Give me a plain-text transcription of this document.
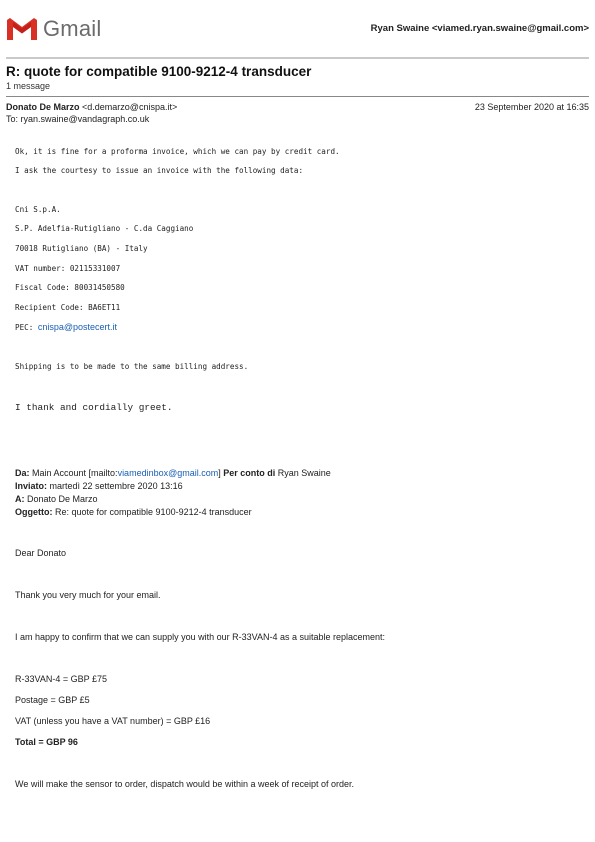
Gmail	Ryan Swaine <viamed.ryan.swaine@gmail.com>
R: quote for compatible 9100-9212-4 transducer
1 message
Donato De Marzo <d.demarzo@cnispa.it>	23 September 2020 at 16:35
To: ryan.swaine@vandagraph.co.uk
Ok, it is fine for a proforma invoice, which we can pay by credit card.
I ask the courtesy to issue an invoice with the following data:
Cni S.p.A.
S.P. Adelfia-Rutigliano - C.da Caggiano
70018 Rutigliano (BA) - Italy
VAT number: 02115331007
Fiscal Code: 80031450580
Recipient Code: BA6ET11
PEC: cnispa@postecert.it
Shipping is to be made to the same billing address.
I thank and cordially greet.
Da: Main Account [mailto:viamedinbox@gmail.com] Per conto di Ryan Swaine
Inviato: martedì 22 settembre 2020 13:16
A: Donato De Marzo
Oggetto: Re: quote for compatible 9100-9212-4 transducer
Dear Donato
Thank you very much for your email.
I am happy to confirm that we can supply you with our R-33VAN-4 as a suitable replacement:
R-33VAN-4 = GBP £75
Postage = GBP £5
VAT (unless you have a VAT number) = GBP £16
Total = GBP 96
We will make the sensor to order, dispatch would be within a week of receipt of order.
